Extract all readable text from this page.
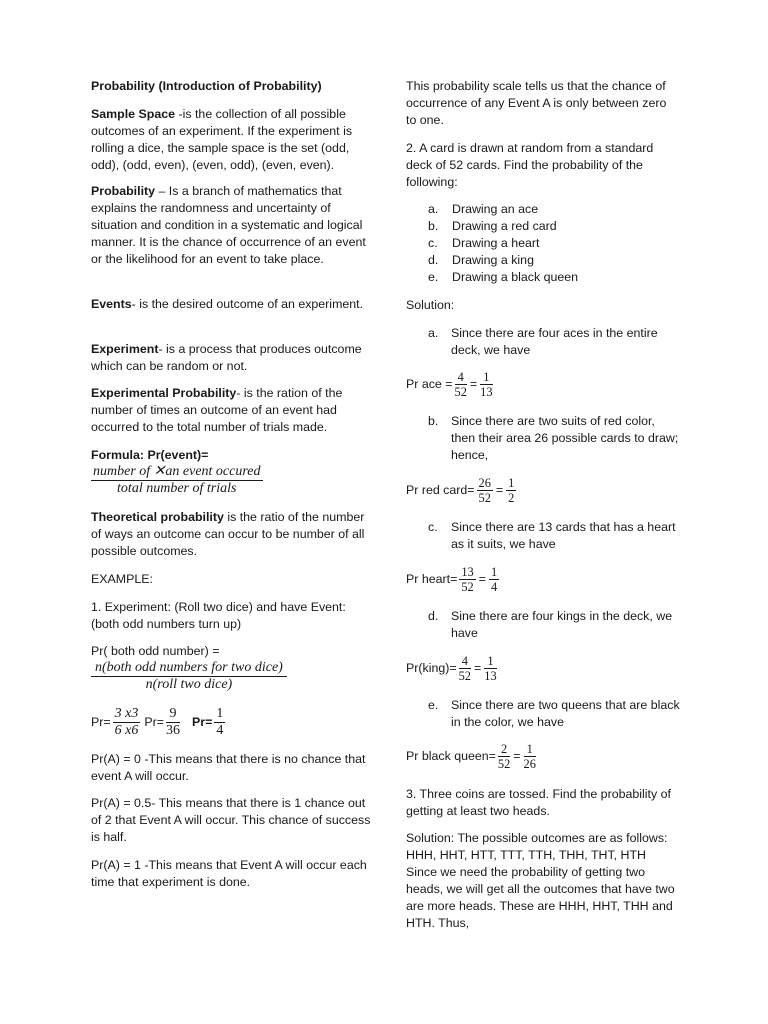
Probability (Introduction of Probability)

Sample Space -is the collection of all possible outcomes of an experiment. If the experiment is rolling a dice, the sample space is the set (odd, odd), (odd, even), (even, odd), (even, even).

Probability – Is a branch of mathematics that explains the randomness and uncertainty of situation and condition in a systematic and logical manner. It is the chance of occurrence of an event or the likelihood for an event to take place.

Events- is the desired outcome of an experiment.

Experiment- is a process that produces outcome which can be random or not.

Experimental Probability- is the ration of the number of times an outcome of an event had occurred to the total number of trials made.

Formula: Pr(event)=

$\frac{\text{number of ✕an event occured}}{\text{total number of trials}}$

Theoretical probability is the ratio of the number of ways an outcome can occur to be number of all possible outcomes.

EXAMPLE:

1. Experiment: (Roll two dice) and have Event: (both odd numbers turn up)

Pr( both odd number) =

$\frac{\text{n(both odd numbers for two dice)}}{\text{n(roll two dice)}}$
$Pr= \frac{3 x3}{6 x6} Pr= \frac{9}{36} Pr= \frac{1}{4}$

Pr(A) = 0 -This means that there is no chance that event A will occur.

Pr(A) = 0.5- This means that there is 1 chance out of 2 that Event A will occur. This chance of success is half.

Pr(A) = 1 -This means that Event A will occur each time that experiment is done.

This probability scale tells us that the chance of occurrence of any Event A is only between zero to one.

2. A card is drawn at random from a standard deck of 52 cards. Find the probability of the following:

a. Drawing an ace
b. Drawing a red card
c. Drawing a heart
d. Drawing a king
e. Drawing a black queen

Solution:

a. Since there are four aces in the entire deck, we have
Pr ace = $\frac{4}{52} = \frac{1}{13}$
b. Since there are two suits of red color, then their area 26 possible cards to draw; hence,
Pr red card= $\frac{26}{52} = \frac{1}{2}$
c. Since there are 13 cards that has a heart as it suits, we have
Pr heart= $\frac{13}{52} = \frac{1}{4}$
d. Sine there are four kings in the deck, we have
Pr(king)= $\frac{4}{52} = \frac{1}{13}$
e. Since there are two queens that are black in the color, we have
Pr black queen= $\frac{2}{52} = \frac{1}{26}$

3. Three coins are tossed. Find the probability of getting at least two heads.

Solution: The possible outcomes are as follows: HHH, HHT, HTT, TTT, TTH, THH, THT, HTH Since we need the probability of getting two heads, we will get all the outcomes that have two are more heads. These are HHH, HHT, THH and HTH. Thus,
